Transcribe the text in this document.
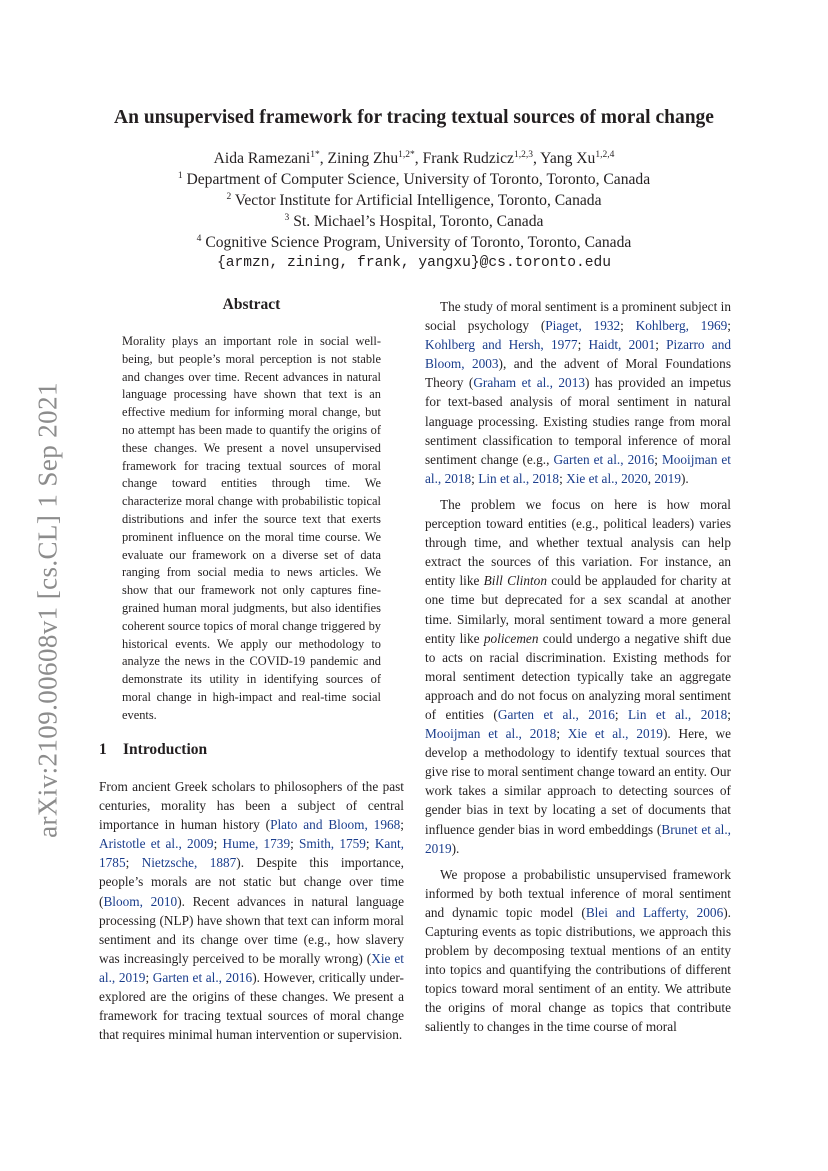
arXiv:2109.00608v1 [cs.CL] 1 Sep 2021
An unsupervised framework for tracing textual sources of moral change
Aida Ramezani$^{1*}$, Zining Zhu$^{1,2*}$, Frank Rudzicz$^{1,2,3}$, Yang Xu$^{1,2,4}$
$^1$ Department of Computer Science, University of Toronto, Toronto, Canada
$^2$ Vector Institute for Artificial Intelligence, Toronto, Canada
$^3$ St. Michael’s Hospital, Toronto, Canada
$^4$ Cognitive Science Program, University of Toronto, Toronto, Canada
{armzn, zining, frank, yangxu}@cs.toronto.edu
Abstract

Morality plays an important role in social well-being, but people’s moral perception is not stable and changes over time. Recent advances in natural language processing have shown that text is an effective medium for informing moral change, but no attempt has been made to quantify the origins of these changes. We present a novel unsupervised framework for tracing textual sources of moral change toward entities through time. We characterize moral change with probabilistic topical distributions and infer the source text that exerts prominent influence on the moral time course. We evaluate our framework on a diverse set of data ranging from social media to news articles. We show that our framework not only captures fine-grained human moral judgments, but also identifies coherent source topics of moral change triggered by historical events. We apply our methodology to analyze the news in the COVID-19 pandemic and demonstrate its utility in identifying sources of moral change in high-impact and real-time social events.

1 Introduction

From ancient Greek scholars to philosophers of the past centuries, morality has been a subject of central importance in human history (Plato and Bloom, 1968; Aristotle et al., 2009; Hume, 1739; Smith, 1759; Kant, 1785; Nietzsche, 1887). Despite this importance, people’s morals are not static but change over time (Bloom, 2010). Recent advances in natural language processing (NLP) have shown that text can inform moral sentiment and its change over time (e.g., how slavery was increasingly perceived to be morally wrong) (Xie et al., 2019; Garten et al., 2016). However, critically under-explored are the origins of these changes. We present a framework for tracing textual sources of moral change that requires minimal human intervention or supervision.

The study of moral sentiment is a prominent subject in social psychology (Piaget, 1932; Kohlberg, 1969; Kohlberg and Hersh, 1977; Haidt, 2001; Pizarro and Bloom, 2003), and the advent of Moral Foundations Theory (Graham et al., 2013) has provided an impetus for text-based analysis of moral sentiment in natural language processing. Existing studies range from moral sentiment classification to temporal inference of moral sentiment change (e.g., Garten et al., 2016; Mooijman et al., 2018; Lin et al., 2018; Xie et al., 2020, 2019).

The problem we focus on here is how moral perception toward entities (e.g., political leaders) varies through time, and whether textual analysis can help extract the sources of this variation. For instance, an entity like Bill Clinton could be applauded for charity at one time but deprecated for a sex scandal at another time. Similarly, moral sentiment toward a more general entity like policemen could undergo a negative shift due to acts on racial discrimination. Existing methods for moral sentiment detection typically take an aggregate approach and do not focus on analyzing moral sentiment of entities (Garten et al., 2016; Lin et al., 2018; Mooijman et al., 2018; Xie et al., 2019). Here, we develop a methodology to identify textual sources that give rise to moral sentiment change toward an entity. Our work takes a similar approach to detecting sources of gender bias in text by locating a set of documents that influence gender bias in word embeddings (Brunet et al., 2019).

We propose a probabilistic unsupervised framework informed by both textual inference of moral sentiment and dynamic topic model (Blei and Lafferty, 2006). Capturing events as topic distributions, we approach this problem by decomposing textual mentions of an entity into topics and quantifying the contributions of different topics toward moral sentiment of an entity. We attribute the origins of moral change as topics that contribute saliently to changes in the time course of moral
